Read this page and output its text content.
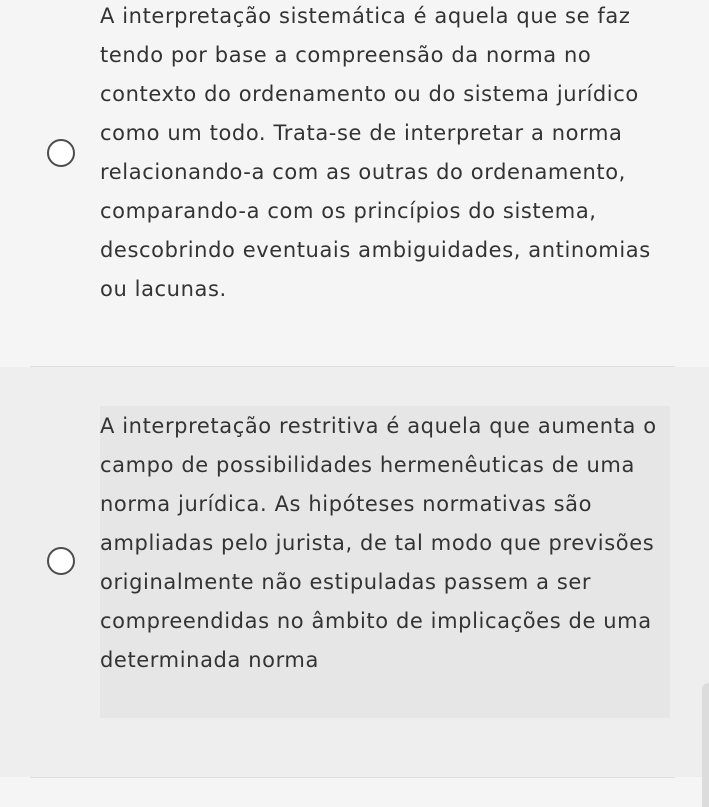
A interpretação sistemática é aquela que se faz tendo por base a compreensão da norma no contexto do ordenamento ou do sistema jurídico como um todo. Trata-se de interpretar a norma relacionando-a com as outras do ordenamento, comparando-a com os princípios do sistema, descobrindo eventuais ambiguidades, antinomias ou lacunas.

A interpretação restritiva é aquela que aumenta o campo de possibilidades hermenêuticas de uma norma jurídica. As hipóteses normativas são ampliadas pelo jurista, de tal modo que previsões originalmente não estipuladas passem a ser compreendidas no âmbito de implicações de uma determinada norma
